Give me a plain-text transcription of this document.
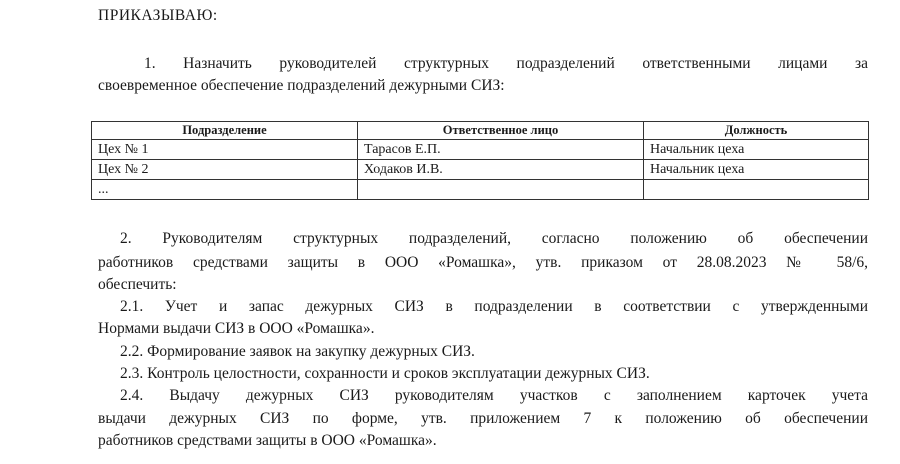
ПРИКАЗЫВАЮ:
1. Назначить руководителей структурных подразделений ответственными лицами за
своевременное обеспечение подразделений дежурными СИЗ:
Подразделение	Ответственное лицо	Должность
Цех № 1	Тарасов Е.П.	Начальник цеха
Цех № 2	Ходаков И.В.	Начальник цеха
...		
2. Руководителям структурных подразделений, согласно положению об обеспечении
работников средствами защиты в ООО «Ромашка», утв. приказом от 28.08.2023 № 58/6,
обеспечить:
2.1. Учет и запас дежурных СИЗ в подразделении в соответствии с утвержденными
Нормами выдачи СИЗ в ООО «Ромашка».
2.2. Формирование заявок на закупку дежурных СИЗ.
2.3. Контроль целостности, сохранности и сроков эксплуатации дежурных СИЗ.
2.4. Выдачу дежурных СИЗ руководителям участков с заполнением карточек учета
выдачи дежурных СИЗ по форме, утв. приложением 7 к положению об обеспечении
работников средствами защиты в ООО «Ромашка».
